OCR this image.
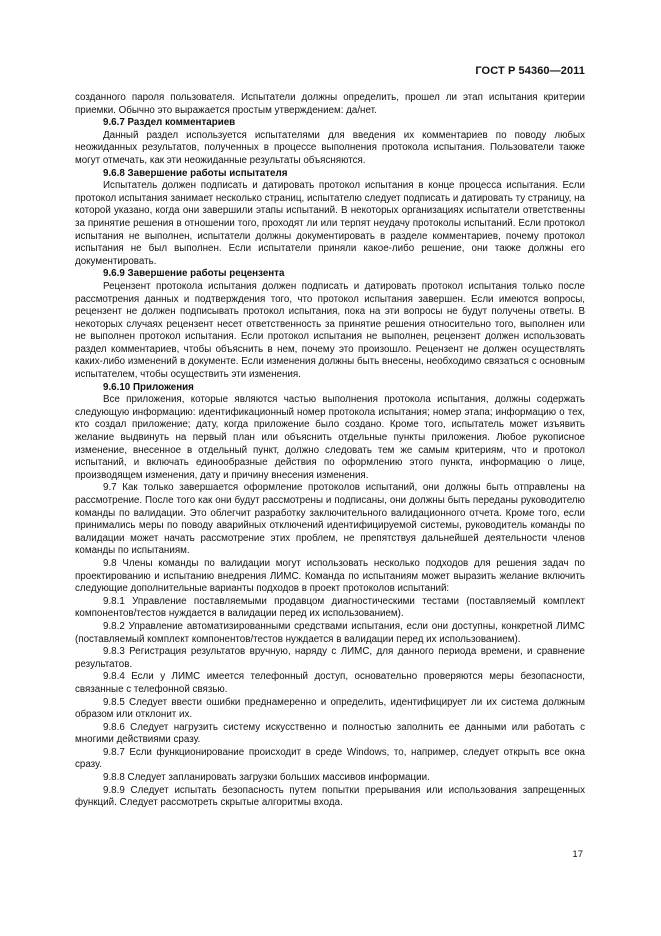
ГОСТ Р 54360—2011

созданного пароля пользователя. Испытатели должны определить, прошел ли этап испытания критерии приемки. Обычно это выражается простым утверждением: да/нет.

9.6.7 Раздел комментариев

Данный раздел используется испытателями для введения их комментариев по поводу любых неожиданных результатов, полученных в процессе выполнения протокола испытания. Пользователи также могут отмечать, как эти неожиданные результаты объясняются.

9.6.8 Завершение работы испытателя

Испытатель должен подписать и датировать протокол испытания в конце процесса испытания. Если протокол испытания занимает несколько страниц, испытателю следует подписать и датировать ту страницу, на которой указано, когда они завершили этапы испытаний. В некоторых организациях испытатели ответственны за принятие решения в отношении того, проходят ли или терпят неудачу протоколы испытаний. Если протокол испытания не выполнен, испытатели должны документировать в разделе комментариев, почему протокол испытания не был выполнен. Если испытатели приняли какое-либо решение, они также должны его документировать.

9.6.9 Завершение работы рецензента

Рецензент протокола испытания должен подписать и датировать протокол испытания только после рассмотрения данных и подтверждения того, что протокол испытания завершен. Если имеются вопросы, рецензент не должен подписывать протокол испытания, пока на эти вопросы не будут получены ответы. В некоторых случаях рецензент несет ответственность за принятие решения относительно того, выполнен или не выполнен протокол испытания. Если протокол испытания не выполнен, рецензент должен использовать раздел комментариев, чтобы объяснить в нем, почему это произошло. Рецензент не должен осуществлять каких-либо изменений в документе. Если изменения должны быть внесены, необходимо связаться с основным испытателем, чтобы осуществить эти изменения.

9.6.10 Приложения

Все приложения, которые являются частью выполнения протокола испытания, должны содержать следующую информацию: идентификационный номер протокола испытания; номер этапа; информацию о тех, кто создал приложение; дату, когда приложение было создано. Кроме того, испытатель может изъявить желание выдвинуть на первый план или объяснить отдельные пункты приложения. Любое рукописное изменение, внесенное в отдельный пункт, должно следовать тем же самым критериям, что и протокол испытаний, и включать единообразные действия по оформлению этого пункта, информацию о лице, производящем изменения, дату и причину внесения изменения.

9.7 Как только завершается оформление протоколов испытаний, они должны быть отправлены на рассмотрение. После того как они будут рассмотрены и подписаны, они должны быть переданы руководителю команды по валидации. Это облегчит разработку заключительного валидационного отчета. Кроме того, если принимались меры по поводу аварийных отключений идентифицируемой системы, руководитель команды по валидации может начать рассмотрение этих проблем, не препятствуя дальнейшей деятельности членов команды по испытаниям.

9.8 Члены команды по валидации могут использовать несколько подходов для решения задач по проектированию и испытанию внедрения ЛИМС. Команда по испытаниям может выразить желание включить следующие дополнительные варианты подходов в проект протоколов испытаний:

9.8.1 Управление поставляемыми продавцом диагностическими тестами (поставляемый комплект компонентов/тестов нуждается в валидации перед их использованием).

9.8.2 Управление автоматизированными средствами испытания, если они доступны, конкретной ЛИМС (поставляемый комплект компонентов/тестов нуждается в валидации перед их использованием).

9.8.3 Регистрация результатов вручную, наряду с ЛИМС, для данного периода времени, и сравнение результатов.

9.8.4 Если у ЛИМС имеется телефонный доступ, основательно проверяются меры безопасности, связанные с телефонной связью.

9.8.5 Следует ввести ошибки преднамеренно и определить, идентифицирует ли их система должным образом или отклонит их.

9.8.6 Следует нагрузить систему искусственно и полностью заполнить ее данными или работать с многими действиями сразу.

9.8.7 Если функционирование происходит в среде Windows, то, например, следует открыть все окна сразу.

9.8.8 Следует запланировать загрузки больших массивов информации.

9.8.9 Следует испытать безопасность путем попытки прерывания или использования запрещенных функций. Следует рассмотреть скрытые алгоритмы входа.

17
